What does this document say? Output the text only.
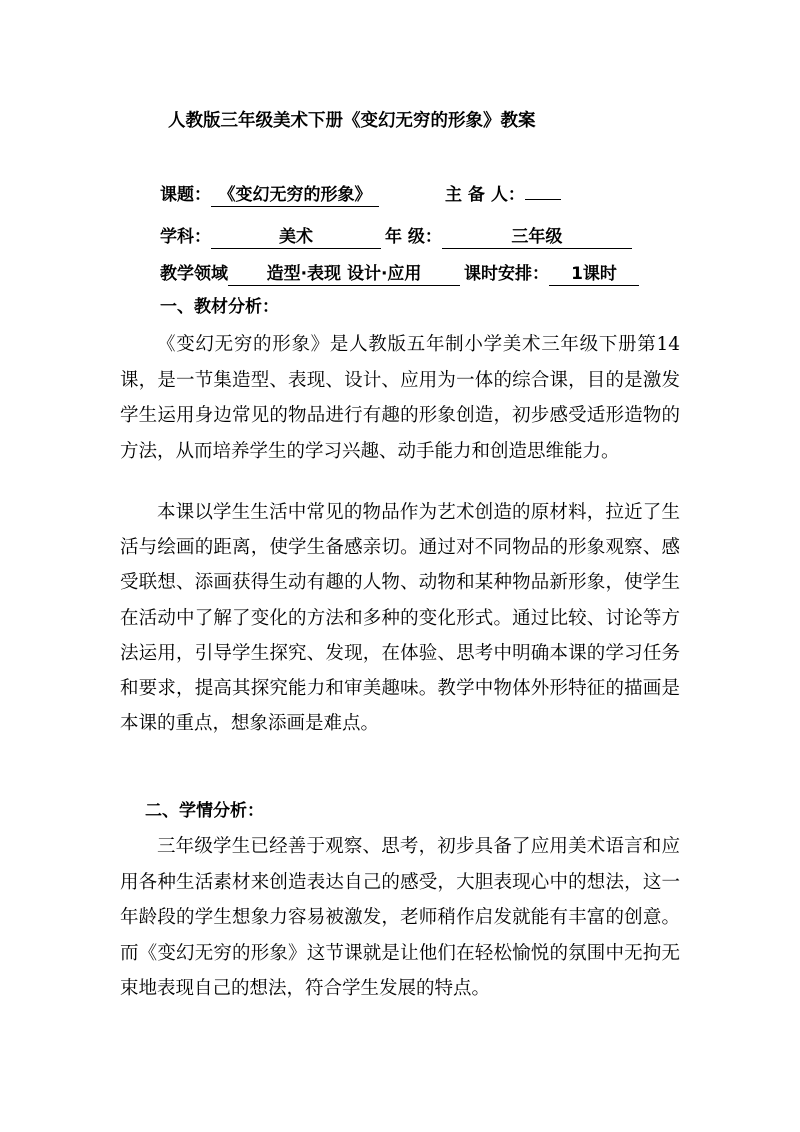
人教版三年级美术下册《变幻无穷的形象》教案
课题： 《变幻无穷的形象》	主 备 人：
学科：	美术	年 级：	三年级
教学领域 造型·表现 设计·应用	课时安排： 1课时
一、教材分析：

《变幻无穷的形象》是人教版五年制小学美术三年级下册第14课，是一节集造型、表现、设计、应用为一体的综合课，目的是激发学生运用身边常见的物品进行有趣的形象创造，初步感受适形造物的方法，从而培养学生的学习兴趣、动手能力和创造思维能力。

本课以学生生活中常见的物品作为艺术创造的原材料，拉近了生活与绘画的距离，使学生备感亲切。通过对不同物品的形象观察、感受联想、添画获得生动有趣的人物、动物和某种物品新形象，使学生在活动中了解了变化的方法和多种的变化形式。通过比较、讨论等方法运用，引导学生探究、发现，在体验、思考中明确本课的学习任务和要求，提高其探究能力和审美趣味。教学中物体外形特征的描画是本课的重点，想象添画是难点。

二、学情分析：

三年级学生已经善于观察、思考，初步具备了应用美术语言和应用各种生活素材来创造表达自己的感受，大胆表现心中的想法，这一年龄段的学生想象力容易被激发，老师稍作启发就能有丰富的创意。而《变幻无穷的形象》这节课就是让他们在轻松愉悦的氛围中无拘无束地表现自己的想法，符合学生发展的特点。
